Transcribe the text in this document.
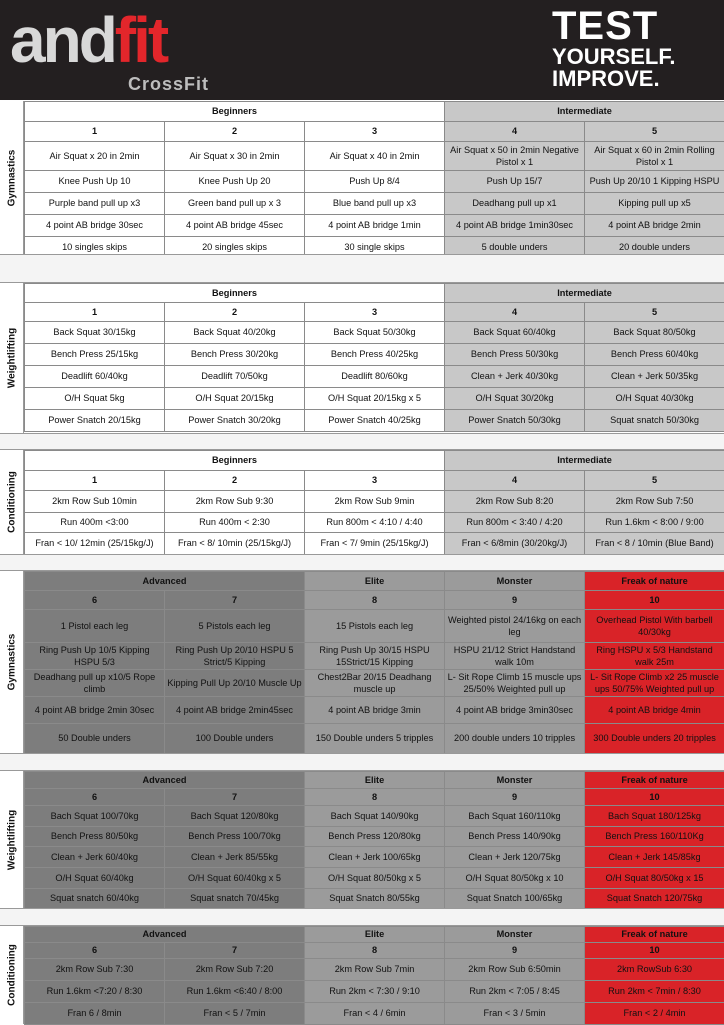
andfit
CrossFit
TEST
YOURSELF.
IMPROVE.
Gymnastics
Beginners			Intermediate	
1	2	3	4	5
Air Squat x 20 in 2min	Air Squat x 30 in 2min	Air Squat x 40 in 2min	Air Squat x 50 in 2min Negative Pistol x 1	Air Squat x 60 in 2min Rolling Pistol x 1
Knee Push Up 10	Knee Push Up 20	Push Up 8/4	Push Up 15/7	Push Up 20/10 1 Kipping HSPU
Purple band pull up x3	Green band pull up x 3	Blue band pull up x3	Deadhang pull up x1	Kipping pull up x5
4 point AB bridge 30sec	4 point AB bridge 45sec	4 point AB bridge 1min	4 point AB bridge 1min30sec	4 point AB bridge 2min
10 singles skips	20 singles skips	30 single skips	5 double unders	20 double unders
Weightlifting
Beginners			Intermediate	
1	2	3	4	5
Back Squat 30/15kg	Back Squat 40/20kg	Back Squat 50/30kg	Back Squat 60/40kg	Back Squat 80/50kg
Bench Press 25/15kg	Bench Press 30/20kg	Bench Press 40/25kg	Bench Press 50/30kg	Bench Press 60/40kg
Deadlift 60/40kg	Deadlift 70/50kg	Deadlift 80/60kg	Clean + Jerk 40/30kg	Clean + Jerk 50/35kg
O/H Squat 5kg	O/H Squat 20/15kg	O/H Squat 20/15kg x 5	O/H Squat 30/20kg	O/H Squat 40/30kg
Power Snatch 20/15kg	Power Snatch 30/20kg	Power Snatch 40/25kg	Power Snatch 50/30kg	Squat snatch 50/30kg
Conditioning
Beginners			Intermediate	
1	2	3	4	5
2km Row Sub 10min	2km Row Sub 9:30	2km Row Sub 9min	2km Row Sub 8:20	2km Row Sub 7:50
Run 400m <3:00	Run 400m < 2:30	Run 800m < 4:10 / 4:40	Run 800m < 3:40 / 4:20	Run 1.6km < 8:00 / 9:00
Fran < 10/ 12min (25/15kg/J)	Fran < 8/ 10min (25/15kg/J)	Fran < 7/ 9min (25/15kg/J)	Fran < 6/8min (30/20kg/J)	Fran < 8 / 10min (Blue Band)
Gymnastics
Advanced		Elite	Monster	Freak of nature
6	7	8	9	10
1 Pistol each leg	5 Pistols each leg	15 Pistols each leg	Weighted pistol 24/16kg on each leg	Overhead Pistol With barbell 40/30kg
Ring Push Up 10/5 Kipping HSPU 5/3	Ring Push Up 20/10 HSPU 5 Strict/5 Kipping	Ring Push Up 30/15 HSPU 15Strict/15 Kipping	HSPU 21/12 Strict Handstand walk 10m	Ring HSPU x 5/3 Handstand walk 25m
Deadhang pull up x10/5 Rope climb	Kipping Pull Up 20/10 Muscle Up	Chest2Bar 20/15 Deadhang muscle up	L- Sit Rope Climb 15 muscle ups 25/50% Weighted pull up	L- Sit Rope Climb x2 25 muscle ups 50/75% Weighted pull up
4 point AB bridge 2min 30sec	4 point AB bridge 2min45sec	4 point AB bridge 3min	4 point AB bridge 3min30sec	4 point AB bridge 4min
50 Double unders	100 Double unders	150 Double unders 5 tripples	200 double unders 10 tripples	300 Double unders 20 tripples
Weightlifting
Advanced		Elite	Monster	Freak of nature
6	7	8	9	10
Bach Squat 100/70kg	Bach Squat 120/80kg	Bach Squat 140/90kg	Bach Squat 160/110kg	Bach Squat 180/125kg
Bench Press 80/50kg	Bench Press 100/70kg	Bench Press 120/80kg	Bench Press 140/90kg	Bench Press 160/110Kg
Clean + Jerk 60/40kg	Clean + Jerk 85/55kg	Clean + Jerk 100/65kg	Clean + Jerk 120/75kg	Clean + Jerk 145/85kg
O/H Squat 60/40kg	O/H Squat 60/40kg x 5	O/H Squat 80/50kg x 5	O/H Squat 80/50kg x 10	O/H Squat 80/50kg x 15
Squat snatch 60/40kg	Squat snatch 70/45kg	Squat Snatch 80/55kg	Squat Snatch 100/65kg	Squat Snatch 120/75kg
Conditioning
Advanced		Elite	Monster	Freak of nature
6	7	8	9	10
2km Row Sub 7:30	2km Row Sub 7:20	2km Row Sub 7min	2km Row Sub 6:50min	2km RowSub 6:30
Run 1.6km <7:20 / 8:30	Run 1.6km <6:40 / 8:00	Run 2km < 7:30 / 9:10	Run 2km < 7:05 / 8:45	Run 2km < 7min / 8:30
Fran 6 / 8min	Fran < 5 / 7min	Fran < 4 / 6min	Fran < 3 / 5min	Fran < 2 / 4min
